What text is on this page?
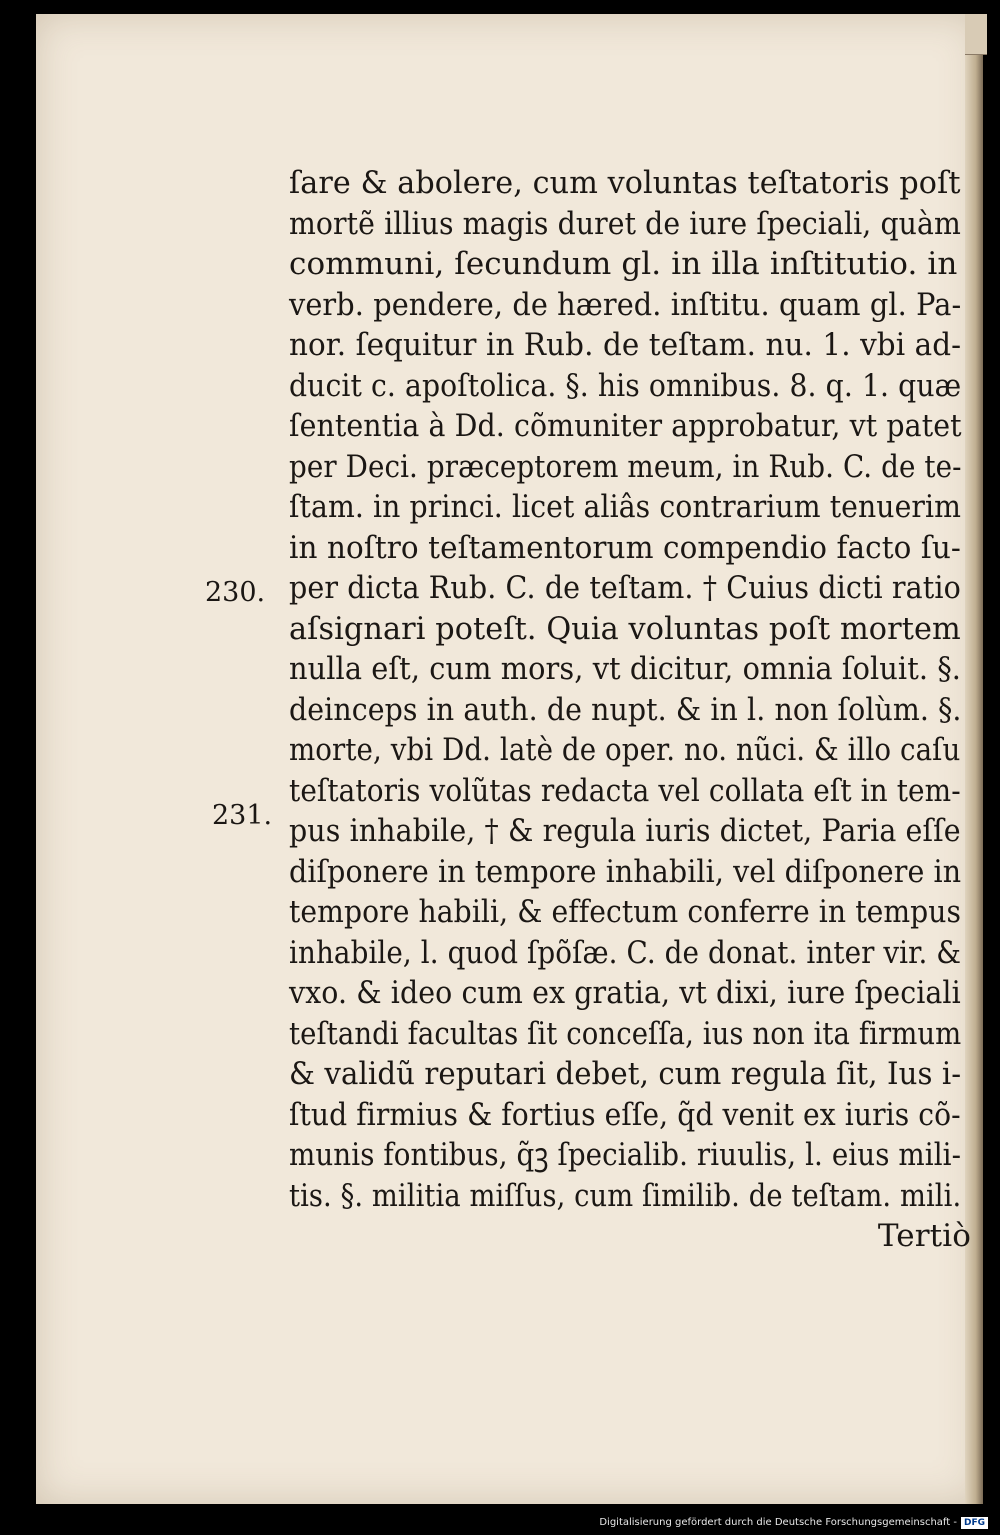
230.
231.
ſare & abolere, cum voluntas teſtatoris poſt
mortẽ illius magis duret de iure ſpeciali, quàm
communi, ſecundum gl. in illa inſtitutio. in
verb. pendere, de hæred. inſtitu. quam gl. Pa-
nor. ſequitur in Rub. de teſtam. nu. 1. vbi ad-
ducit c. apoſtolica. §. his omnibus. 8. q. 1. quæ
ſententia à Dd. cõmuniter approbatur, vt patet
per Deci. præceptorem meum, in Rub. C. de te-
ſtam. in princi. licet aliâs contrarium tenuerim
in noſtro teſtamentorum compendio facto ſu-
per dicta Rub. C. de teſtam. † Cuius dicti ratio
aſsignari poteſt. Quia voluntas poſt mortem
nulla eſt, cum mors, vt dicitur, omnia ſoluit. §.
deinceps in auth. de nupt. & in l. non ſolùm. §.
morte, vbi Dd. latè de oper. no. nũci. & illo caſu
teſtatoris volũtas redacta vel collata eſt in tem-
pus inhabile, † & regula iuris dictet, Paria eſſe
diſponere in tempore inhabili, vel diſponere in
tempore habili, & effectum conferre in tempus
inhabile, l. quod ſpõſæ. C. de donat. inter vir. &
vxo. & ideo cum ex gratia, vt dixi, iure ſpeciali
teſtandi facultas ſit conceſſa, ius non ita firmum
& validũ reputari debet, cum regula ſit, Ius i-
ſtud firmius & fortius eſſe, q̃d venit ex iuris cõ-
munis fontibus, q̃ꝫ ſpecialib. riuulis, l. eius mili-
tis. §. militia miſſus, cum ſimilib. de teſtam. mili.
Tertiò
Digitalisierung gefördert durch die Deutsche Forschungsgemeinschaft - DFG
